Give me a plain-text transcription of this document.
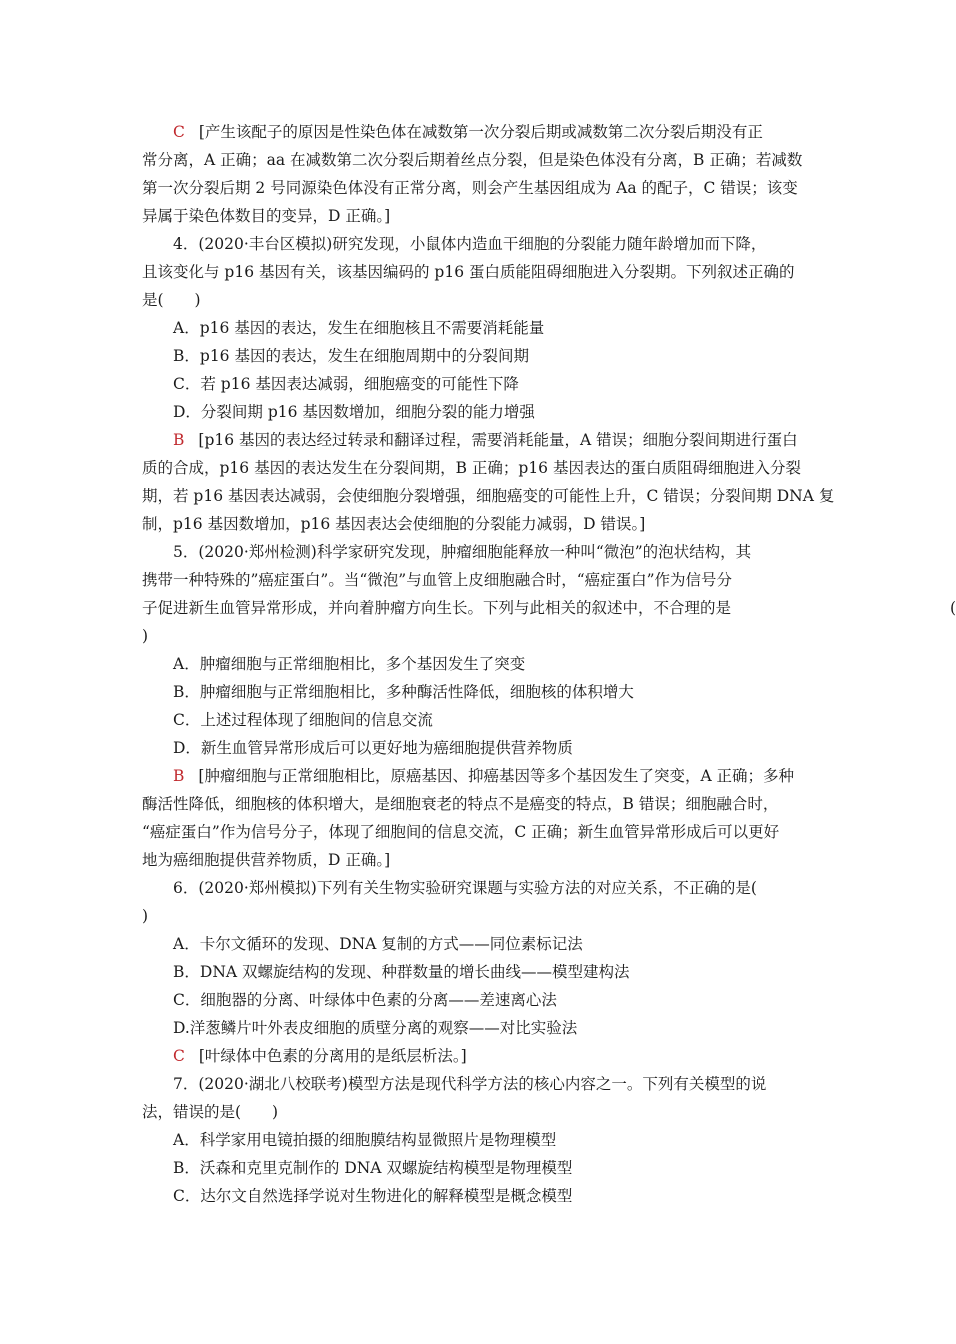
C [产生该配子的原因是性染色体在减数第一次分裂后期或减数第二次分裂后期没有正
常分离，A 正确；aa 在减数第二次分裂后期着丝点分裂，但是染色体没有分离，B 正确；若减数
第一次分裂后期 2 号同源染色体没有正常分离，则会产生基因组成为 Aa 的配子，C 错误；该变
异属于染色体数目的变异，D 正确。]
4．(2020·丰台区模拟)研究发现，小鼠体内造血干细胞的分裂能力随年龄增加而下降，
且该变化与 p16 基因有关，该基因编码的 p16 蛋白质能阻碍细胞进入分裂期。下列叙述正确的
是(　　)
A．p16 基因的表达，发生在细胞核且不需要消耗能量
B．p16 基因的表达，发生在细胞周期中的分裂间期
C．若 p16 基因表达减弱，细胞癌变的可能性下降
D．分裂间期 p16 基因数增加，细胞分裂的能力增强
B [p16 基因的表达经过转录和翻译过程，需要消耗能量，A 错误；细胞分裂间期进行蛋白
质的合成，p16 基因的表达发生在分裂间期，B 正确；p16 基因表达的蛋白质阻碍细胞进入分裂
期，若 p16 基因表达减弱，会使细胞分裂增强，细胞癌变的可能性上升，C 错误；分裂间期 DNA 复
制，p16 基因数增加，p16 基因表达会使细胞的分裂能力减弱，D 错误。]
5．(2020·郑州检测)科学家研究发现，肿瘤细胞能释放一种叫“微泡”的泡状结构，其
携带一种特殊的”癌症蛋白”。当“微泡”与血管上皮细胞融合时，“癌症蛋白”作为信号分
子促进新生血管异常形成，并向着肿瘤方向生长。下列与此相关的叙述中，不合理的是	(
)
A．肿瘤细胞与正常细胞相比，多个基因发生了突变
B．肿瘤细胞与正常细胞相比，多种酶活性降低，细胞核的体积增大
C．上述过程体现了细胞间的信息交流
D．新生血管异常形成后可以更好地为癌细胞提供营养物质
B [肿瘤细胞与正常细胞相比，原癌基因、抑癌基因等多个基因发生了突变，A 正确；多种
酶活性降低，细胞核的体积增大，是细胞衰老的特点不是癌变的特点，B 错误；细胞融合时，
“癌症蛋白”作为信号分子，体现了细胞间的信息交流，C 正确；新生血管异常形成后可以更好
地为癌细胞提供营养物质，D 正确。]
6．(2020·郑州模拟)下列有关生物实验研究课题与实验方法的对应关系，不正确的是(
)
A．卡尔文循环的发现、DNA 复制的方式——同位素标记法
B．DNA 双螺旋结构的发现、种群数量的增长曲线——模型建构法
C．细胞器的分离、叶绿体中色素的分离——差速离心法
D.洋葱鳞片叶外表皮细胞的质壁分离的观察——对比实验法
C [叶绿体中色素的分离用的是纸层析法。]
7．(2020·湖北八校联考)模型方法是现代科学方法的核心内容之一。下列有关模型的说
法，错误的是(　　)
A．科学家用电镜拍摄的细胞膜结构显微照片是物理模型
B．沃森和克里克制作的 DNA 双螺旋结构模型是物理模型
C．达尔文自然选择学说对生物进化的解释模型是概念模型
